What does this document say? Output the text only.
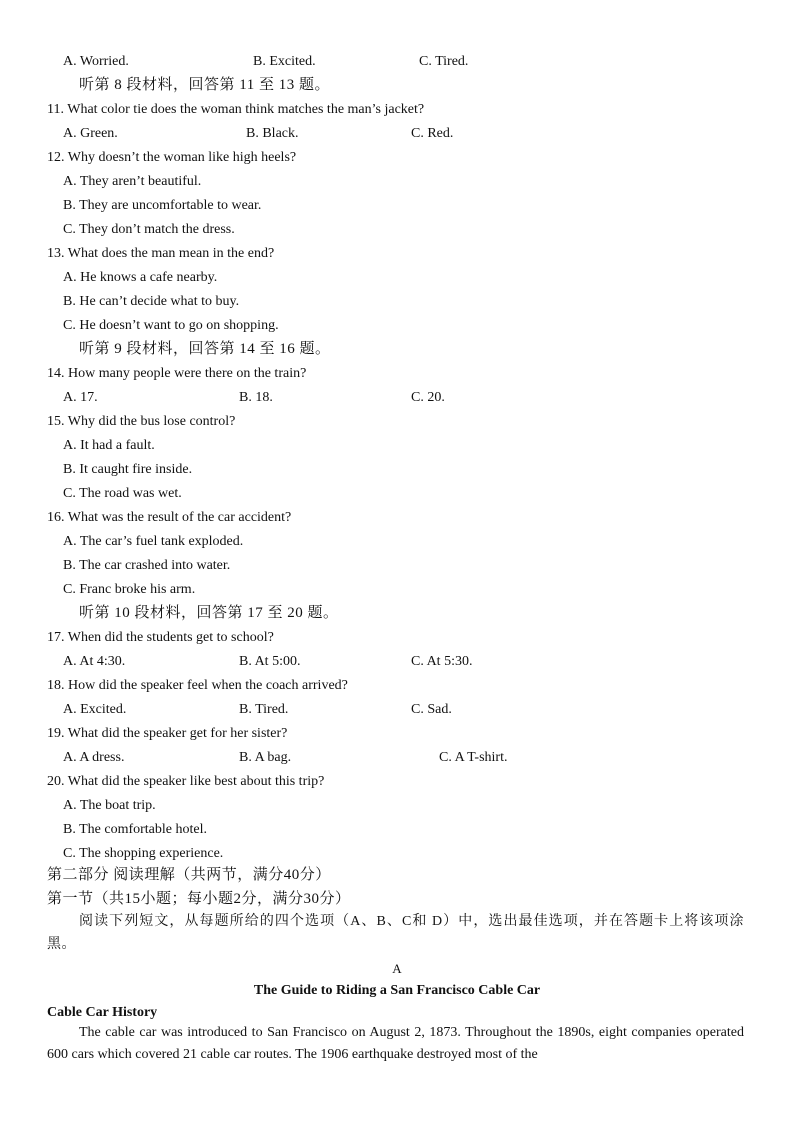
A. Worried.	B. Excited.	C. Tired.
听第 8 段材料，回答第 11 至 13 题。
11. What color tie does the woman think matches the man’s jacket?
A. Green.	B. Black.	C. Red.
12. Why doesn’t the woman like high heels?
A. They aren’t beautiful.
B. They are uncomfortable to wear.
C. They don’t match the dress.
13. What does the man mean in the end?
A. He knows a cafe nearby.
B. He can’t decide what to buy.
C. He doesn’t want to go on shopping.
听第 9 段材料，回答第 14 至 16 题。
14. How many people were there on the train?
A. 17.	B. 18.	C. 20.
15. Why did the bus lose control?
A. It had a fault.
B. It caught fire inside.
C. The road was wet.
16. What was the result of the car accident?
A. The car’s fuel tank exploded.
B. The car crashed into water.
C. Franc broke his arm.
听第 10 段材料，回答第 17 至 20 题。
17. When did the students get to school?
A. At 4:30.	B. At 5:00.	C. At 5:30.
18. How did the speaker feel when the coach arrived?
A. Excited.	B. Tired.	C. Sad.
19. What did the speaker get for her sister?
A. A dress.	B. A bag.	C. A T-shirt.
20. What did the speaker like best about this trip?
A. The boat trip.
B. The comfortable hotel.
C. The shopping experience.
第二部分 阅读理解（共两节，满分40分）
第一节（共15小题；每小题2分，满分30分）
阅读下列短文，从每题所给的四个选项（A、B、C和 D）中，选出最佳选项，并在答题卡上将该项涂黑。
A
The Guide to Riding a San Francisco Cable Car
Cable Car History
The cable car was introduced to San Francisco on August 2, 1873. Throughout the 1890s, eight companies operated 600 cars which covered 21 cable car routes. The 1906 earthquake destroyed most of the
